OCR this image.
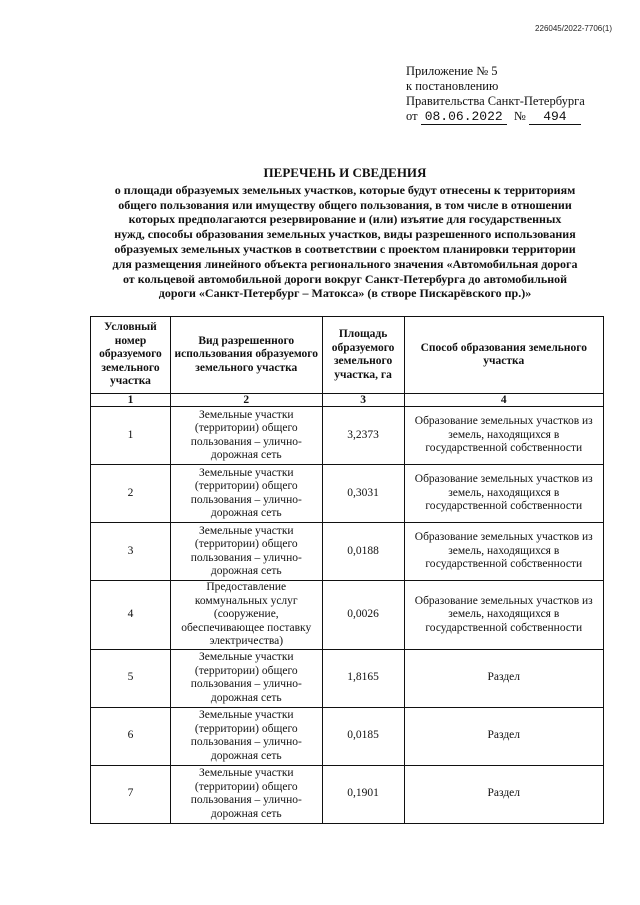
226045/2022-7706(1)
Приложение № 5
к постановлению
Правительства Санкт-Петербурга
от 08.06.2022 № 494
ПЕРЕЧЕНЬ И СВЕДЕНИЯ
о площади образуемых земельных участков, которые будут отнесены к территориям
общего пользования или имуществу общего пользования, в том числе в отношении
которых предполагаются резервирование и (или) изъятие для государственных
нужд, способы образования земельных участков, виды разрешенного использования
образуемых земельных участков в соответствии с проектом планировки территории
для размещения линейного объекта регионального значения «Автомобильная дорога
от кольцевой автомобильной дороги вокруг Санкт-Петербурга до автомобильной
дороги «Санкт-Петербург – Матокса» (в створе Пискарёвского пр.)»
Условный номер образуемого земельного участка	Вид разрешенного использования образуемого земельного участка	Площадь образуемого земельного участка, га	Способ образования земельного участка
1	2	3	4
1	Земельные участки (территории) общего пользования – улично-дорожная сеть	3,2373	Образование земельных участков из земель, находящихся в государственной собственности
2	Земельные участки (территории) общего пользования – улично-дорожная сеть	0,3031	Образование земельных участков из земель, находящихся в государственной собственности
3	Земельные участки (территории) общего пользования – улично-дорожная сеть	0,0188	Образование земельных участков из земель, находящихся в государственной собственности
4	Предоставление коммунальных услуг (сооружение, обеспечивающее поставку электричества)	0,0026	Образование земельных участков из земель, находящихся в государственной собственности
5	Земельные участки (территории) общего пользования – улично-дорожная сеть	1,8165	Раздел
6	Земельные участки (территории) общего пользования – улично-дорожная сеть	0,0185	Раздел
7	Земельные участки (территории) общего пользования – улично-дорожная сеть	0,1901	Раздел
